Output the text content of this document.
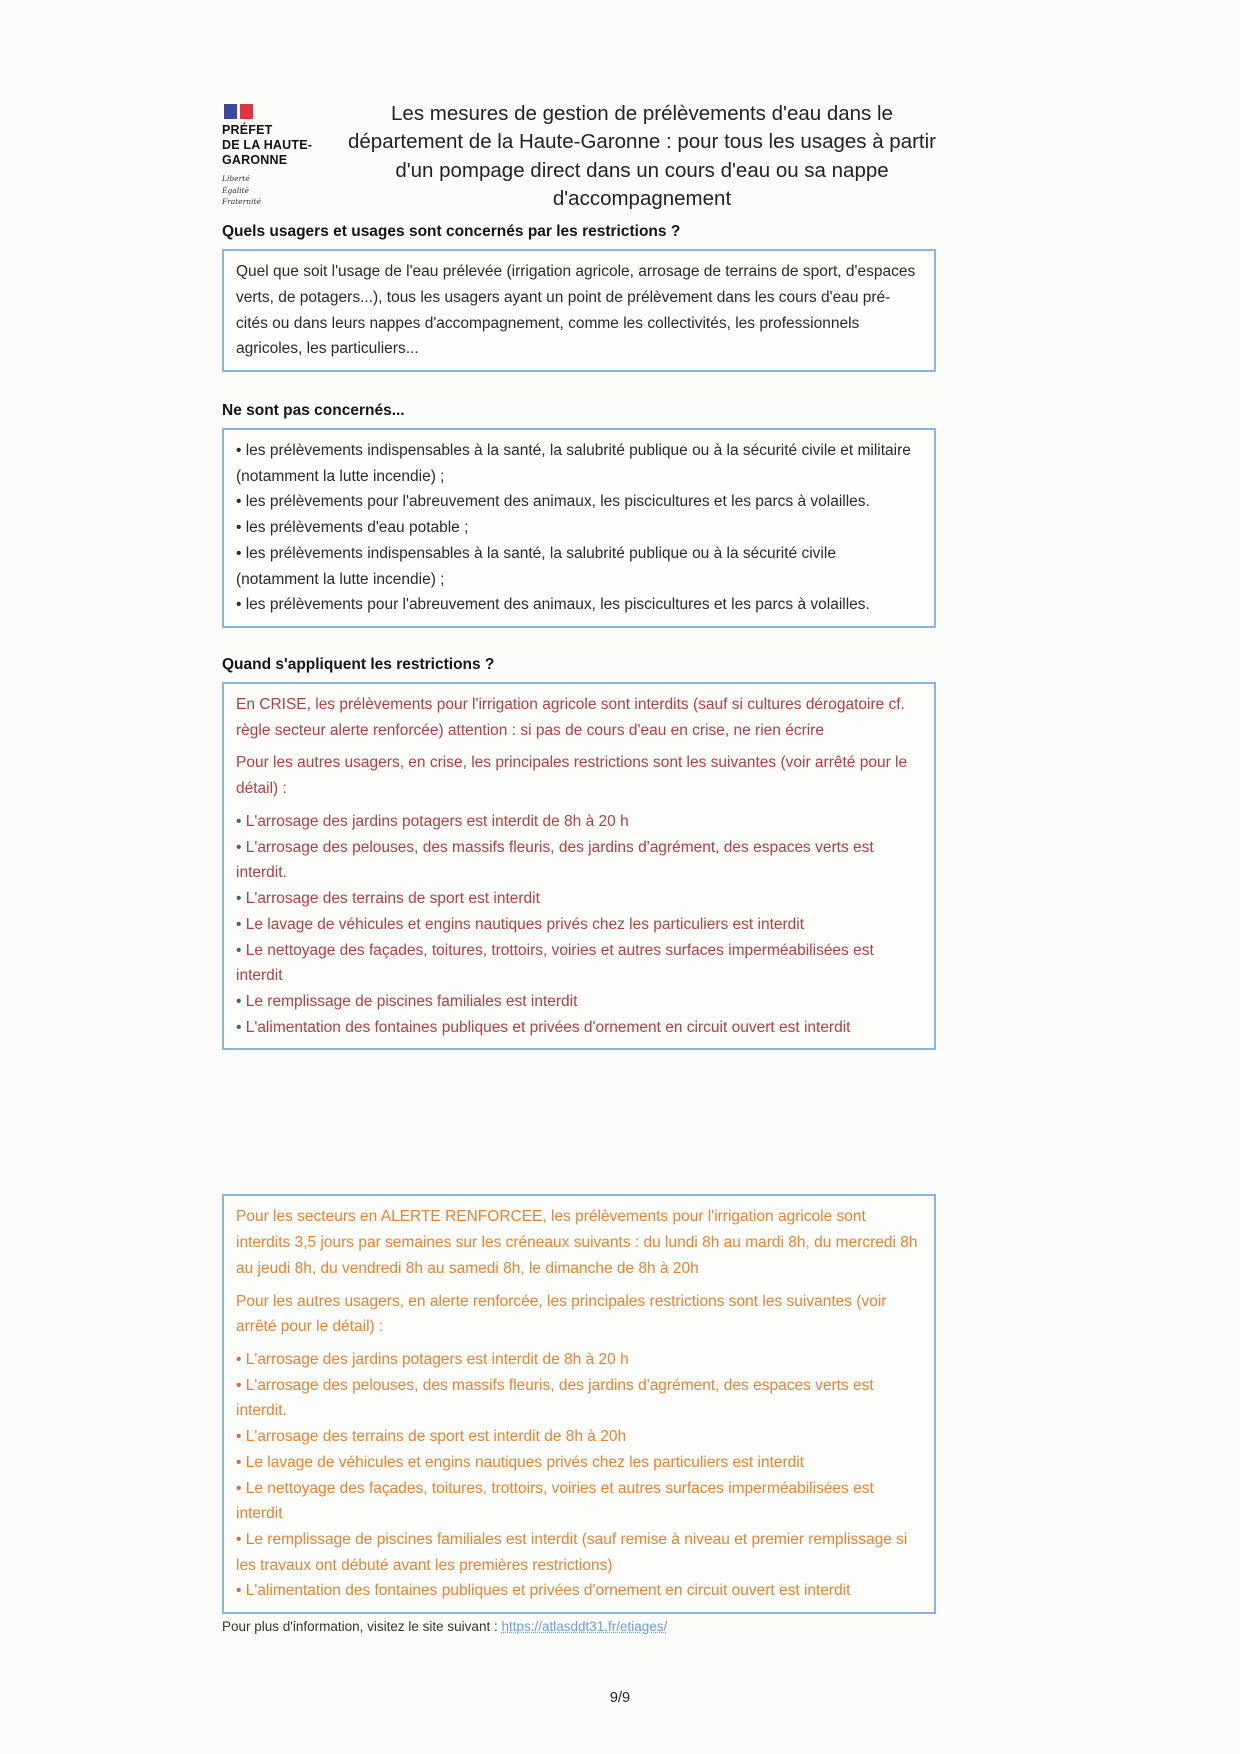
PRÉFET
DE LA HAUTE-
GARONNE
Liberté
Égalité
Fraternité
Les mesures de gestion de prélèvements d'eau dans le département de la Haute-Garonne : pour tous les usages à partir d'un pompage direct dans un cours d'eau ou sa nappe d'accompagnement
Quels usagers et usages sont concernés par les restrictions ?

Quel que soit l'usage de l'eau prélevée (irrigation agricole, arrosage de terrains de sport, d'espaces verts, de potagers...), tous les usagers ayant un point de prélèvement dans les cours d'eau pré-cités ou dans leurs nappes d'accompagnement, comme les collectivités, les professionnels agricoles, les particuliers...

Ne sont pas concernés...
• les prélèvements indispensables à la santé, la salubrité publique ou à la sécurité civile et militaire (notamment la lutte incendie) ;
• les prélèvements pour l'abreuvement des animaux, les piscicultures et les parcs à volailles.
• les prélèvements d'eau potable ;
• les prélèvements indispensables à la santé, la salubrité publique ou à la sécurité civile (notamment la lutte incendie) ;
• les prélèvements pour l'abreuvement des animaux, les piscicultures et les parcs à volailles.
Quand s'appliquent les restrictions ?

En CRISE, les prélèvements pour l'irrigation agricole sont interdits (sauf si cultures dérogatoire cf. règle secteur alerte renforcée) attention : si pas de cours d'eau en crise, ne rien écrire

Pour les autres usagers, en crise, les principales restrictions sont les suivantes (voir arrêté pour le détail) :

• L'arrosage des jardins potagers est interdit de 8h à 20 h
• L'arrosage des pelouses, des massifs fleuris, des jardins d'agrément, des espaces verts est interdit.
• L'arrosage des terrains de sport est interdit
• Le lavage de véhicules et engins nautiques privés chez les particuliers est interdit
• Le nettoyage des façades, toitures, trottoirs, voiries et autres surfaces imperméabilisées est interdit
• Le remplissage de piscines familiales est interdit
• L'alimentation des fontaines publiques et privées d'ornement en circuit ouvert est interdit

Pour les secteurs en ALERTE RENFORCEE, les prélèvements pour l'irrigation agricole sont interdits 3,5 jours par semaines sur les créneaux suivants : du lundi 8h au mardi 8h, du mercredi 8h au jeudi 8h, du vendredi 8h au samedi 8h, le dimanche de 8h à 20h

Pour les autres usagers, en alerte renforcée, les principales restrictions sont les suivantes (voir arrêté pour le détail) :

• L'arrosage des jardins potagers est interdit de 8h à 20 h
• L'arrosage des pelouses, des massifs fleuris, des jardins d'agrément, des espaces verts est interdit.
• L'arrosage des terrains de sport est interdit de 8h à 20h
• Le lavage de véhicules et engins nautiques privés chez les particuliers est interdit
• Le nettoyage des façades, toitures, trottoirs, voiries et autres surfaces imperméabilisées est interdit
• Le remplissage de piscines familiales est interdit (sauf remise à niveau et premier remplissage si les travaux ont débuté avant les premières restrictions)
• L'alimentation des fontaines publiques et privées d'ornement en circuit ouvert est interdit
Pour plus d'information, visitez le site suivant : https://atlasddt31.fr/etiages/
9/9
